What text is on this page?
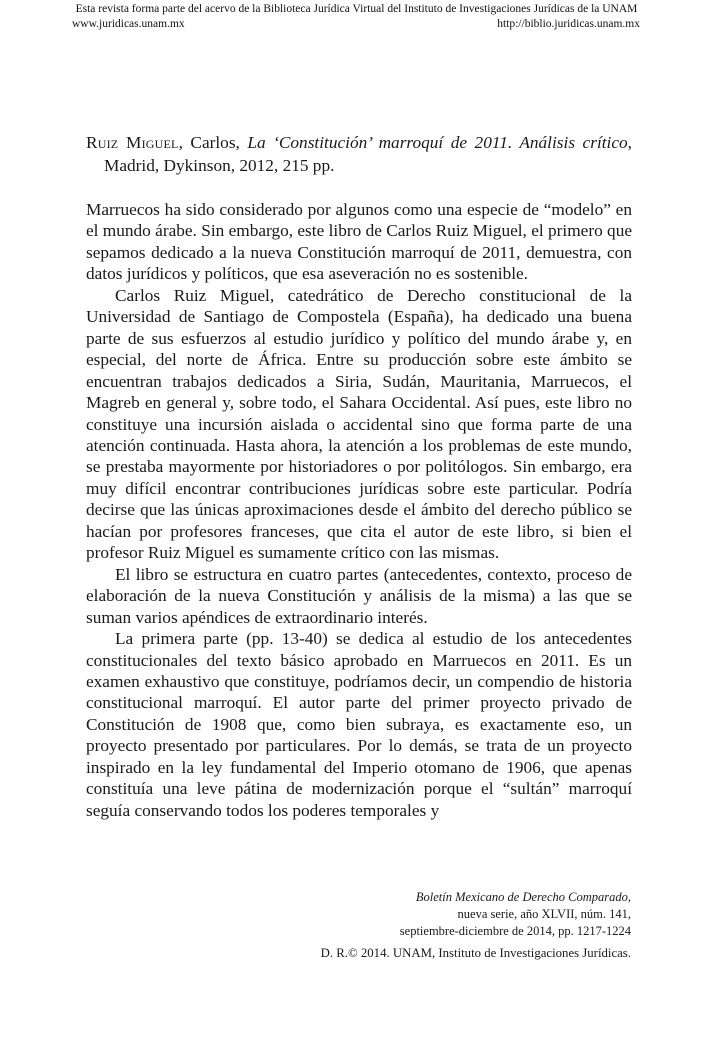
Esta revista forma parte del acervo de la Biblioteca Jurídica Virtual del Instituto de Investigaciones Jurídicas de la UNAM
www.juridicas.unam.mx	http://biblio.juridicas.unam.mx
Ruiz Miguel, Carlos, La ‘Constitución’ marroquí de 2011. Análisis crítico, Madrid, Dykinson, 2012, 215 pp.

Marruecos ha sido considerado por algunos como una especie de “modelo” en el mundo árabe. Sin embargo, este libro de Carlos Ruiz Miguel, el primero que sepamos dedicado a la nueva Constitución marroquí de 2011, demuestra, con datos jurídicos y políticos, que esa aseveración no es sostenible.

Carlos Ruiz Miguel, catedrático de Derecho constitucional de la Universidad de Santiago de Compostela (España), ha dedicado una buena parte de sus esfuerzos al estudio jurídico y político del mundo árabe y, en especial, del norte de África. Entre su producción sobre este ámbito se encuentran trabajos dedicados a Siria, Sudán, Mauritania, Marruecos, el Magreb en general y, sobre todo, el Sahara Occidental. Así pues, este libro no constituye una incursión aislada o accidental sino que forma parte de una atención continuada. Hasta ahora, la atención a los problemas de este mundo, se prestaba mayormente por historiadores o por politólogos. Sin embargo, era muy difícil encontrar contribuciones jurídicas sobre este particular. Podría decirse que las únicas aproximaciones desde el ámbito del derecho público se hacían por profesores franceses, que cita el autor de este libro, si bien el profesor Ruiz Miguel es sumamente crítico con las mismas.

El libro se estructura en cuatro partes (antecedentes, contexto, proceso de elaboración de la nueva Constitución y análisis de la misma) a las que se suman varios apéndices de extraordinario interés.

La primera parte (pp. 13-40) se dedica al estudio de los antecedentes constitucionales del texto básico aprobado en Marruecos en 2011. Es un examen exhaustivo que constituye, podríamos decir, un compendio de historia constitucional marroquí. El autor parte del primer proyecto privado de Constitución de 1908 que, como bien subraya, es exactamente eso, un proyecto presentado por particulares. Por lo demás, se trata de un proyecto inspirado en la ley fundamental del Imperio otomano de 1906, que apenas constituía una leve pátina de modernización porque el “sultán” marroquí seguía conservando todos los poderes temporales y

Boletín Mexicano de Derecho Comparado,
nueva serie, año XLVII, núm. 141,
septiembre-diciembre de 2014, pp. 1217-1224
D. R.© 2014. UNAM, Instituto de Investigaciones Jurídicas.
